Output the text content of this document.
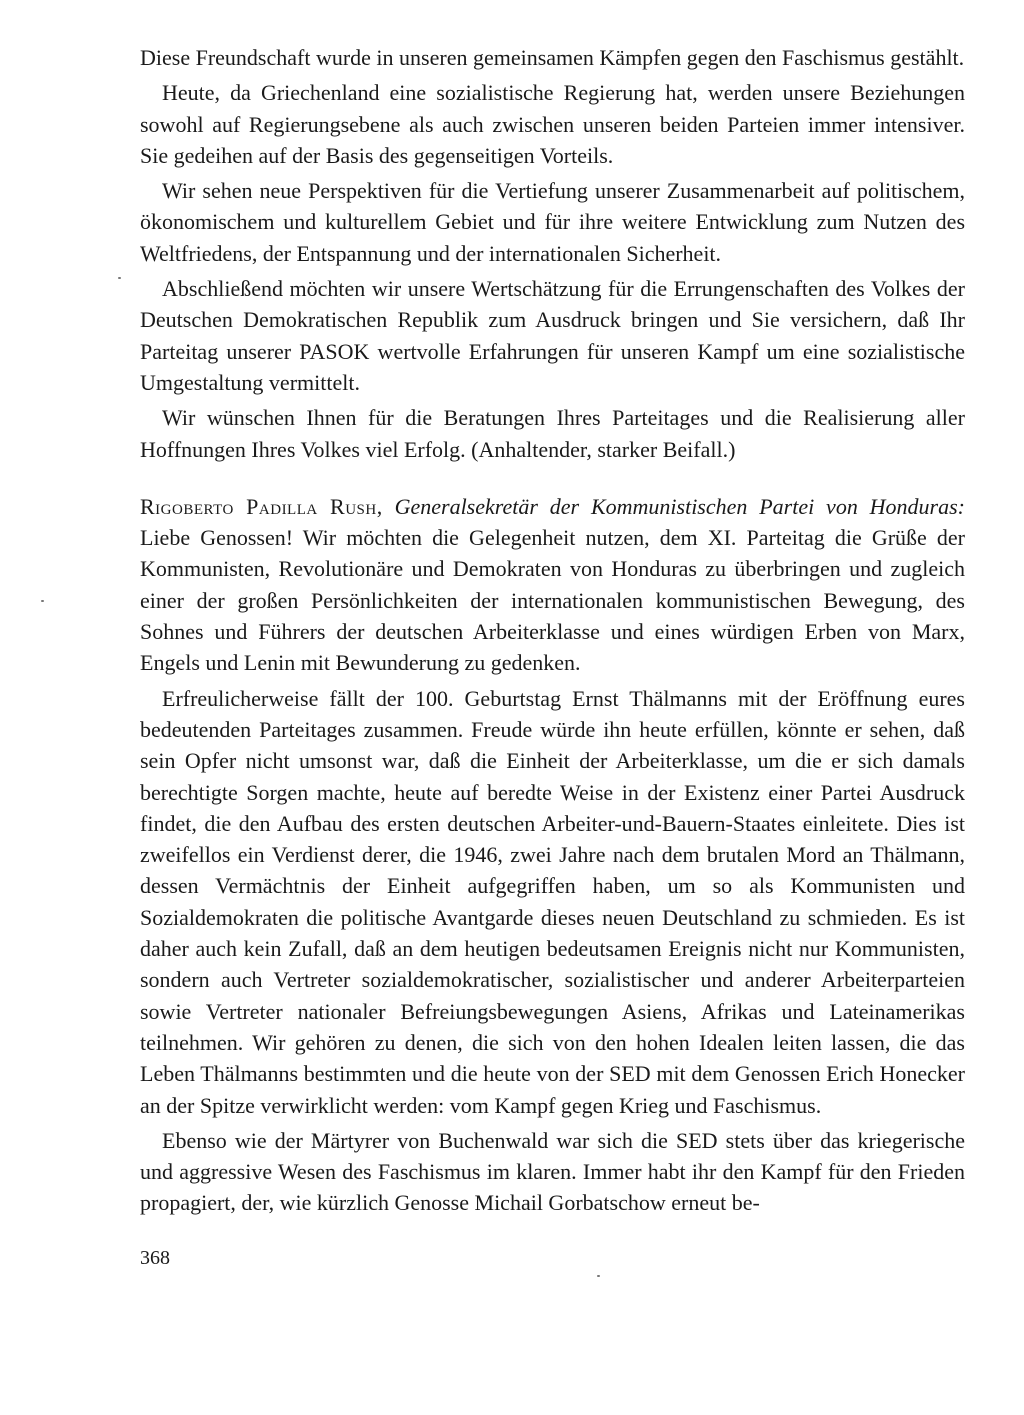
Diese Freundschaft wurde in unseren gemeinsamen Kämpfen gegen den Faschismus gestählt.

Heute, da Griechenland eine sozialistische Regierung hat, werden unsere Beziehungen sowohl auf Regierungsebene als auch zwischen unseren beiden Parteien immer intensiver. Sie gedeihen auf der Basis des gegenseitigen Vorteils.

Wir sehen neue Perspektiven für die Vertiefung unserer Zusammenarbeit auf politischem, ökonomischem und kulturellem Gebiet und für ihre weitere Entwicklung zum Nutzen des Weltfriedens, der Entspannung und der internationalen Sicherheit.

Abschließend möchten wir unsere Wertschätzung für die Errungenschaften des Volkes der Deutschen Demokratischen Republik zum Ausdruck bringen und Sie versichern, daß Ihr Parteitag unserer PASOK wertvolle Erfahrungen für unseren Kampf um eine sozialistische Umgestaltung vermittelt.

Wir wünschen Ihnen für die Beratungen Ihres Parteitages und die Realisierung aller Hoffnungen Ihres Volkes viel Erfolg. (Anhaltender, starker Beifall.)

Rigoberto Padilla Rush, Generalsekretär der Kommunistischen Partei von Honduras: Liebe Genossen! Wir möchten die Gelegenheit nutzen, dem XI. Parteitag die Grüße der Kommunisten, Revolutionäre und Demokraten von Honduras zu überbringen und zugleich einer der großen Persönlichkeiten der internationalen kommunistischen Bewegung, des Sohnes und Führers der deutschen Arbeiterklasse und eines würdigen Erben von Marx, Engels und Lenin mit Bewunderung zu gedenken.

Erfreulicherweise fällt der 100. Geburtstag Ernst Thälmanns mit der Eröffnung eures bedeutenden Parteitages zusammen. Freude würde ihn heute erfüllen, könnte er sehen, daß sein Opfer nicht umsonst war, daß die Einheit der Arbeiterklasse, um die er sich damals berechtigte Sorgen machte, heute auf beredte Weise in der Existenz einer Partei Ausdruck findet, die den Aufbau des ersten deutschen Arbeiter-und-Bauern-Staates einleitete. Dies ist zweifellos ein Verdienst derer, die 1946, zwei Jahre nach dem brutalen Mord an Thälmann, dessen Vermächtnis der Einheit aufgegriffen haben, um so als Kommunisten und Sozialdemokraten die politische Avantgarde dieses neuen Deutschland zu schmieden. Es ist daher auch kein Zufall, daß an dem heutigen bedeutsamen Ereignis nicht nur Kommunisten, sondern auch Vertreter sozialdemokratischer, sozialistischer und anderer Arbeiterparteien sowie Vertreter nationaler Befreiungsbewegungen Asiens, Afrikas und Lateinamerikas teilnehmen. Wir gehören zu denen, die sich von den hohen Idealen leiten lassen, die das Leben Thälmanns bestimmten und die heute von der SED mit dem Genossen Erich Honecker an der Spitze verwirklicht werden: vom Kampf gegen Krieg und Faschismus.

Ebenso wie der Märtyrer von Buchenwald war sich die SED stets über das kriegerische und aggressive Wesen des Faschismus im klaren. Immer habt ihr den Kampf für den Frieden propagiert, der, wie kürzlich Genosse Michail Gorbatschow erneut be-

368
